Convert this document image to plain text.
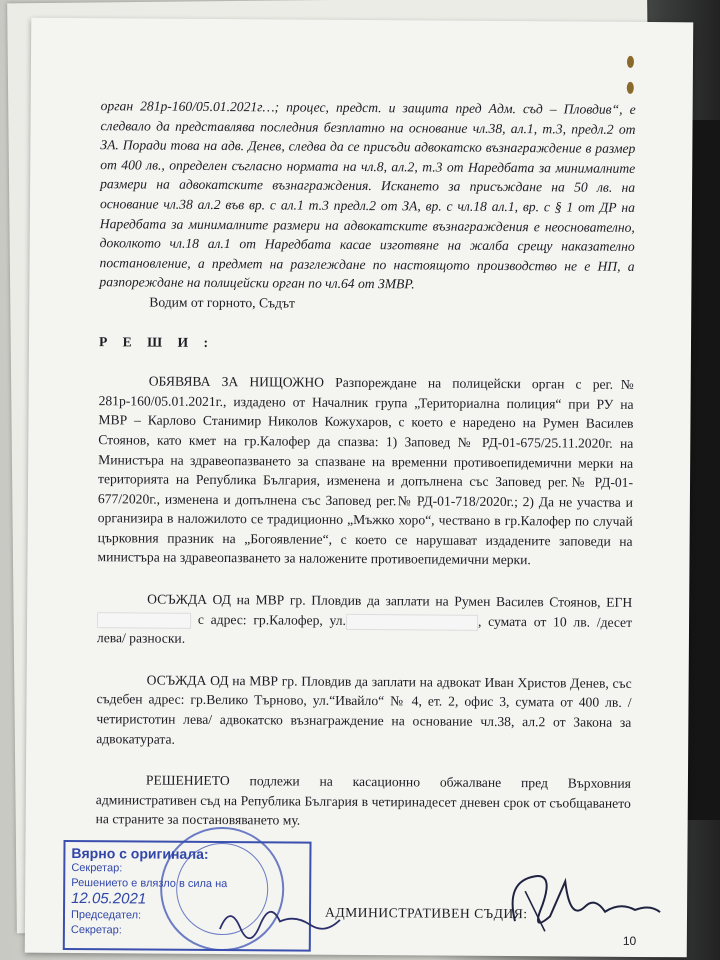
орган 281р-160/05.01.2021г…; процес, предст. и защита пред Адм. съд – Пловдив“, е следвало да представлява последния безплатно на основание чл.38, ал.1, т.3, предл.2 от ЗА. Поради това на адв. Денев, следва да се присъди адвокатско възнаграждение в размер от 400 лв., определен съгласно нормата на чл.8, ал.2, т.3 от Наредбата за минималните размери на адвокатските възнаграждения. Искането за присъждане на 50 лв. на основание чл.38 ал.2 във вр. с ал.1 т.3 предл.2 от ЗА, вр. с чл.18 ал.1, вр. с § 1 от ДР на Наредбата за минималните размери на адвокатските възнаграждения е неоснователно, доколкото чл.18 ал.1 от Наредбата касае изготвяне на жалба срещу наказателно постановление, а предмет на разглеждане по настоящото производство не е НП, а разпореждане на полицейски орган по чл.64 от ЗМВР.

Водим от горното, Съдът

Р Е Ш И :

ОБЯВЯВА ЗА НИЩОЖНО Разпореждане на полицейски орган с рег.№ 281р-160/05.01.2021г., издадено от Началник група „Териториална полиция“ при РУ на МВР – Карлово Станимир Николов Кожухаров, с което е наредено на Румен Василев Стоянов, като кмет на гр.Калофер да спазва: 1) Заповед № РД-01-675/25.11.2020г. на Министъра на здравеопазването за спазване на временни противоепидемични мерки на територията на Република България, изменена и допълнена със Заповед рег.№ РД-01-677/2020г., изменена и допълнена със Заповед рег.№ РД-01-718/2020г.; 2) Да не участва и организира в наложилото се традиционно „Мъжко хоро“, чествано в гр.Калофер по случай църковния празник на „Богоявление“, с което се нарушават издадените заповеди на министъра на здравеопазването за наложените противоепидемични мерки.

ОСЪЖДА ОД на МВР гр. Пловдив да заплати на Румен Василев Стоянов, ЕГН  с адрес: гр.Калофер, ул.	, сумата от 10 лв. /десет лева/ разноски.

ОСЪЖДА ОД на МВР гр. Пловдив да заплати на адвокат Иван Христов Денев, със съдебен адрес: гр.Велико Търново, ул.“Ивайло“ № 4, ет. 2, офис 3, сумата от 400 лв. /четиристотин лева/ адвокатско възнаграждение на основание чл.38, ал.2 от Закона за адвокатурата.

РЕШЕНИЕТО подлежи на касационно обжалване пред Върховния административен съд на Република България в четиринадесет дневен срок от съобщаването на страните за постановяването му.

Вярно с оригинала:
Секретар:
Решението е влязло в сила на 12.05.2021
Председател:
Секретар:
АДМИНИСТРАТИВЕН СЪДИЯ:
10
